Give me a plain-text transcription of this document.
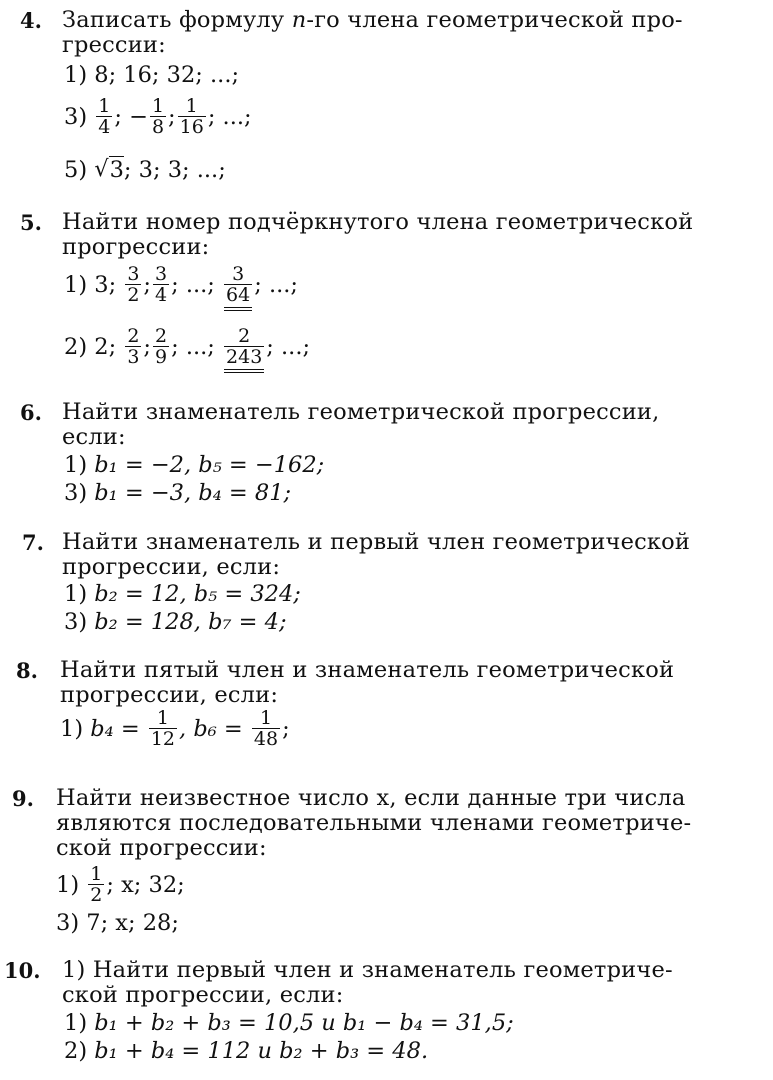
4. Записать формулу n-го члена геометрической про-
грессии:
1)
8; 16; 32; ...;
3)
$\frac{1}{4}$ ; − $\frac{1}{8}$ ; $\frac{1}{16}$ ; ...;
5)
√ 3 ; 3; 3; ...;
5. Найти номер подчёркнутого члена геометрической
прогрессии:
1)
3;
$\frac{3}{2}$ ; $\frac{3}{4}$ ; ...;
$\frac{3}{64}$ ; ...;
2)
2;
$\frac{2}{3}$ ; $\frac{2}{9}$ ; ...;
$\frac{2}{243}$ ; ...;
6. Найти знаменатель геометрической прогрессии,
если:
1)
b₁ = −2, b₅ = −162;
3)
b₁ = −3, b₄ = 81;
7. Найти знаменатель и первый член геометрической
прогрессии, если:
1)
b₂ = 12, b₅ = 324;
3)
b₂ = 128, b₇ = 4;
8. Найти пятый член и знаменатель геометрической
прогрессии, если:
1)
b₄ =
$\frac{1}{12}$ , b₆ =
$\frac{1}{48}$ ;
9. Найти неизвестное число x, если данные три числа
являются последовательными членами геометриче-
ской прогрессии:
1)
$\frac{1}{2}$ ; x; 32;
3)
7; x; 28;
10. 1) Найти первый член и знаменатель геометриче-
ской прогрессии, если:
1)
b₁ + b₂ + b₃ = 10,5 и b₁ − b₄ = 31,5;
2)
b₁ + b₄ = 112 и b₂ + b₃ = 48.
